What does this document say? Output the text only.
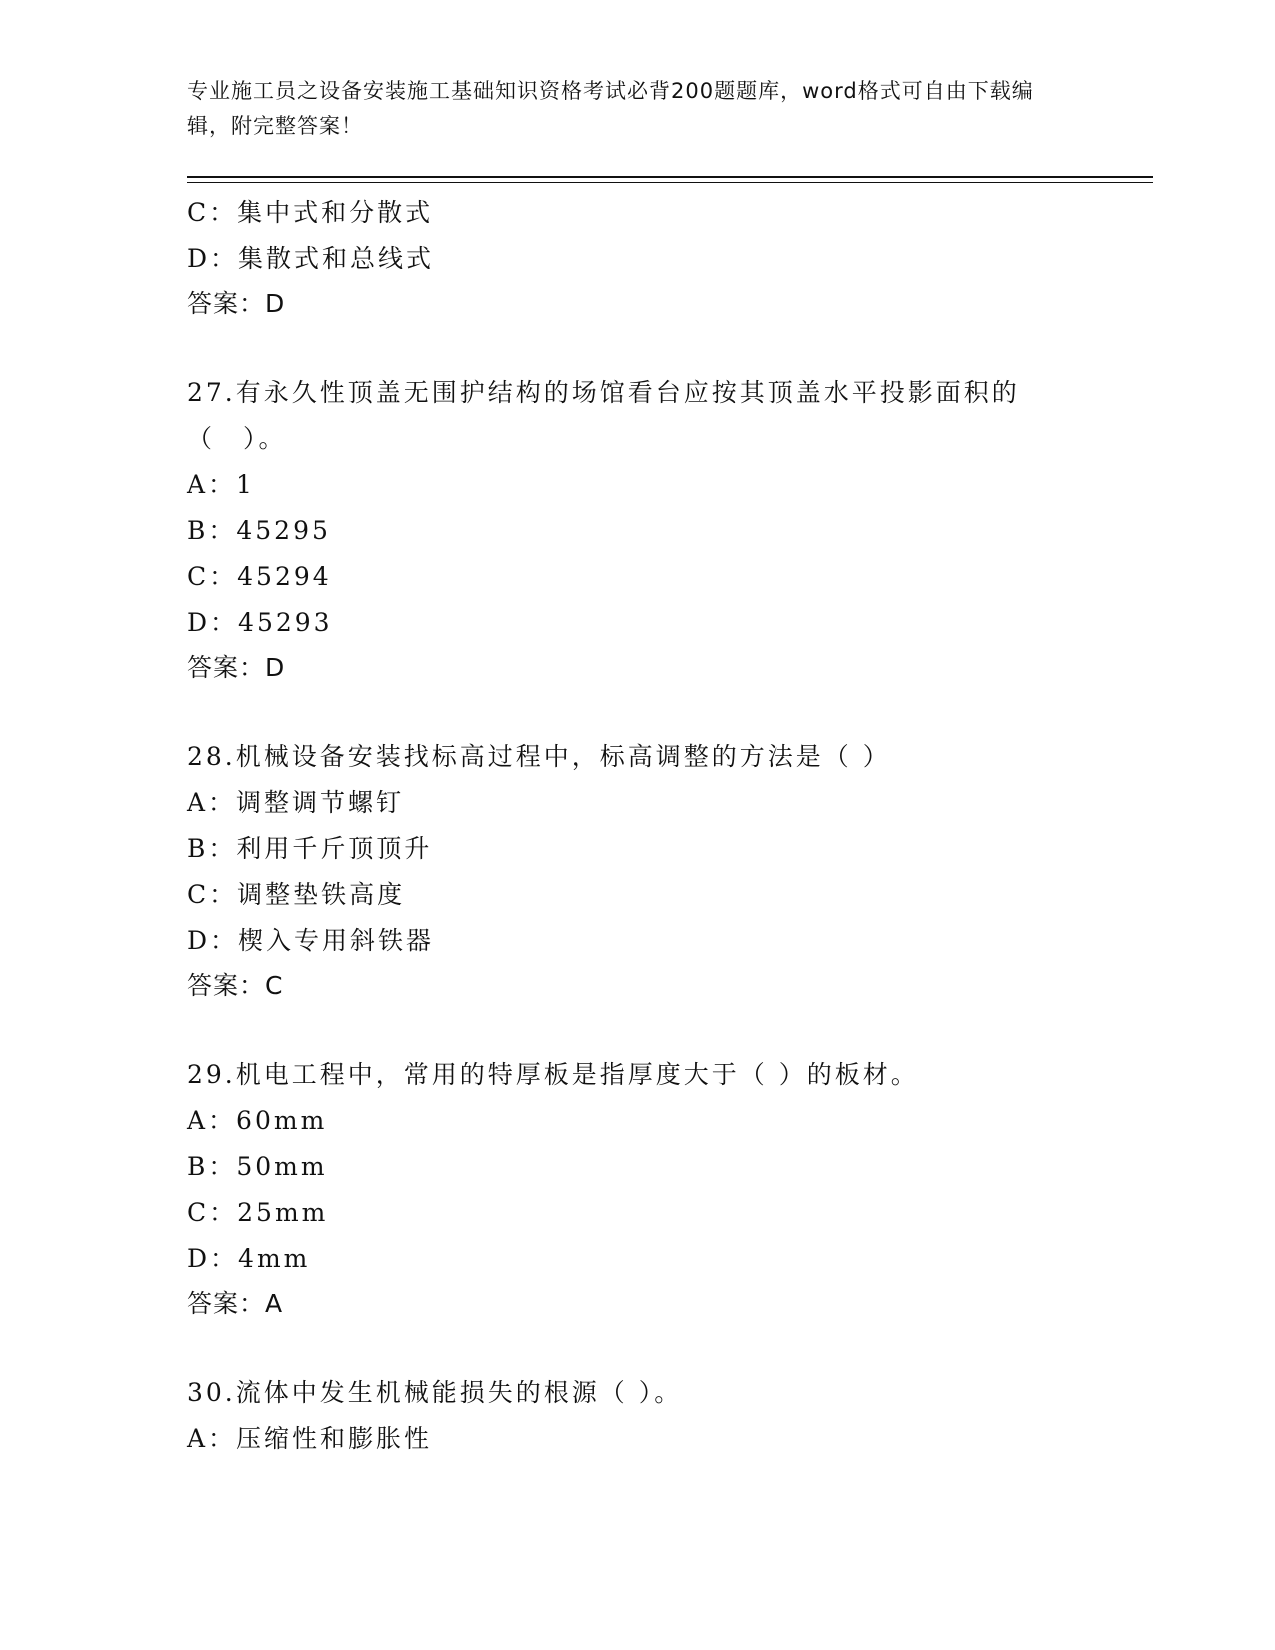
专业施工员之设备安装施工基础知识资格考试必背200题题库，word格式可自由下载编辑，附完整答案！

C：集中式和分散式
D：集散式和总线式
答案：D
27.有永久性顶盖无围护结构的场馆看台应按其顶盖水平投影面积的（　）。
A：1
B：45295
C：45294
D：45293
答案：D
28.机械设备安装找标高过程中，标高调整的方法是（ ）
A：调整调节螺钉
B：利用千斤顶顶升
C：调整垫铁高度
D：楔入专用斜铁器
答案：C
29.机电工程中，常用的特厚板是指厚度大于（ ）的板材。
A：60mm
B：50mm
C：25mm
D：4mm
答案：A
30.流体中发生机械能损失的根源（ ）。
A：压缩性和膨胀性
